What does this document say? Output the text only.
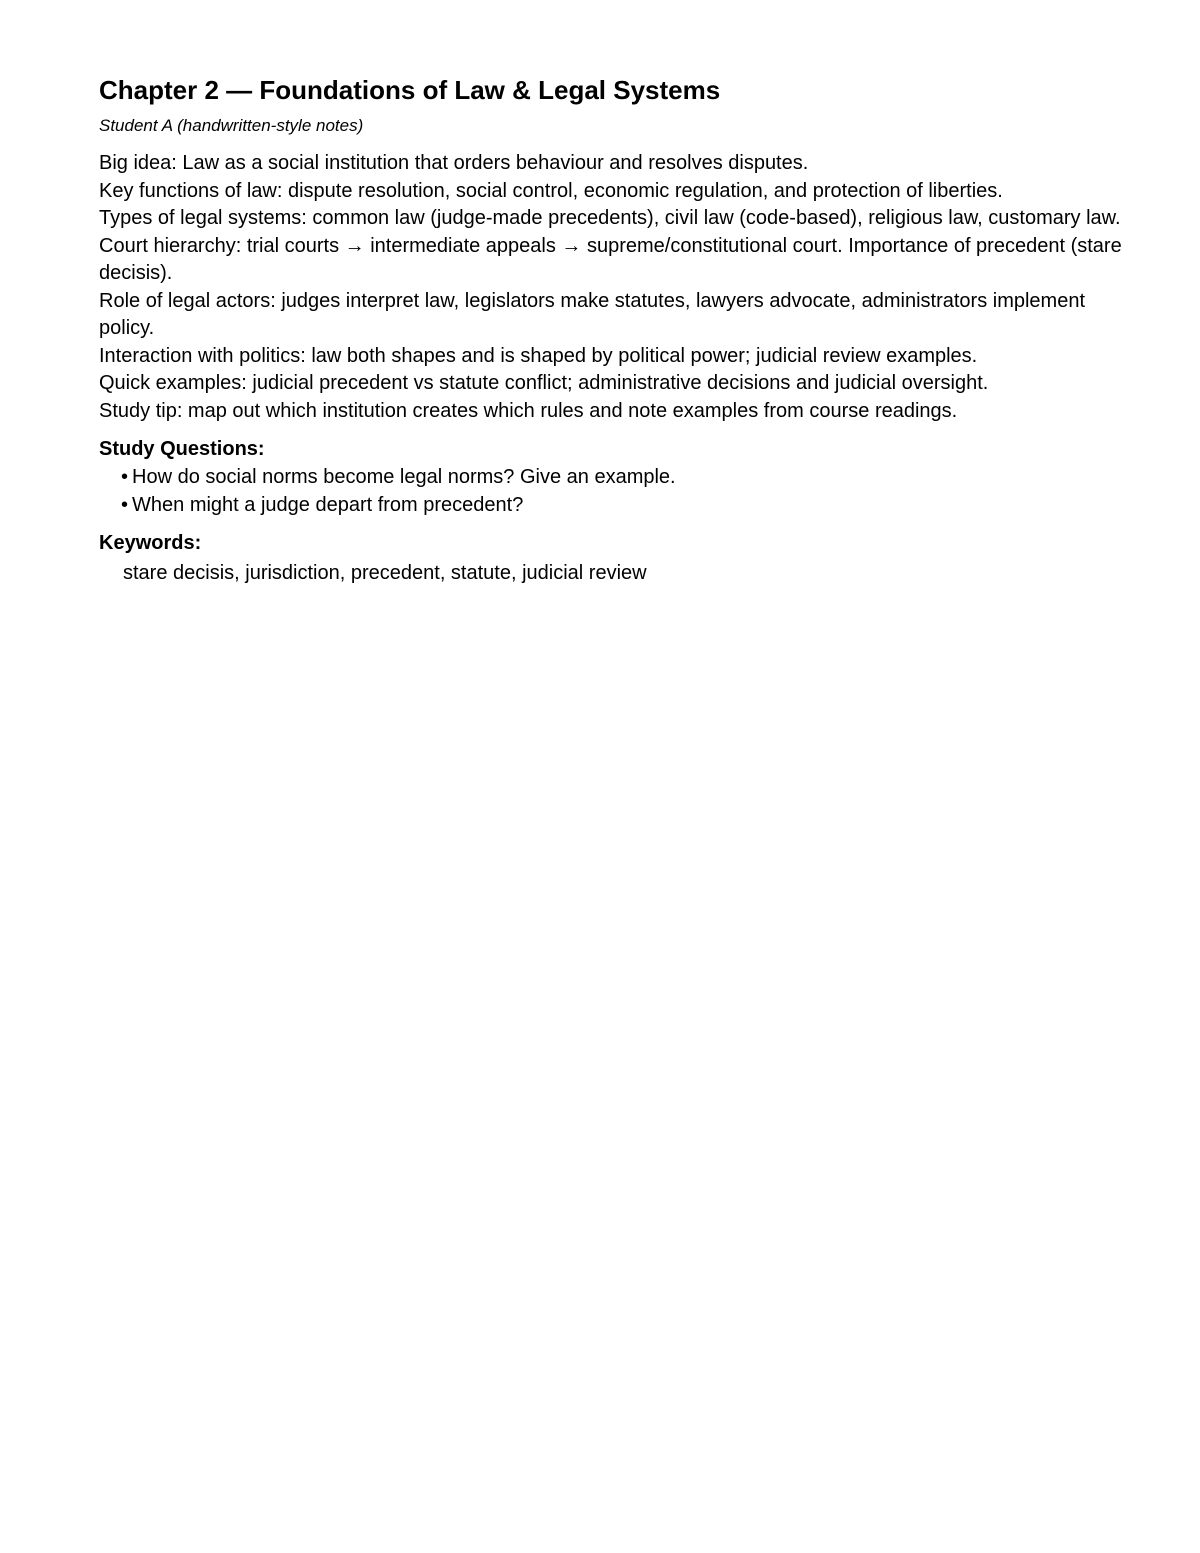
Chapter 2 — Foundations of Law & Legal Systems
Student A (handwritten-style notes)

Big idea: Law as a social institution that orders behaviour and resolves disputes.

Key functions of law: dispute resolution, social control, economic regulation, and protection of liberties.

Types of legal systems: common law (judge-made precedents), civil law (code-based), religious law, customary law.

Court hierarchy: trial courts → intermediate appeals → supreme/constitutional court. Importance of precedent (stare decisis).

Role of legal actors: judges interpret law, legislators make statutes, lawyers advocate, administrators implement policy.

Interaction with politics: law both shapes and is shaped by political power; judicial review examples.

Quick examples: judicial precedent vs statute conflict; administrative decisions and judicial oversight.

Study tip: map out which institution creates which rules and note examples from course readings.

Study Questions:
• How do social norms become legal norms? Give an example.
• When might a judge depart from precedent?
Keywords:
stare decisis, jurisdiction, precedent, statute, judicial review
